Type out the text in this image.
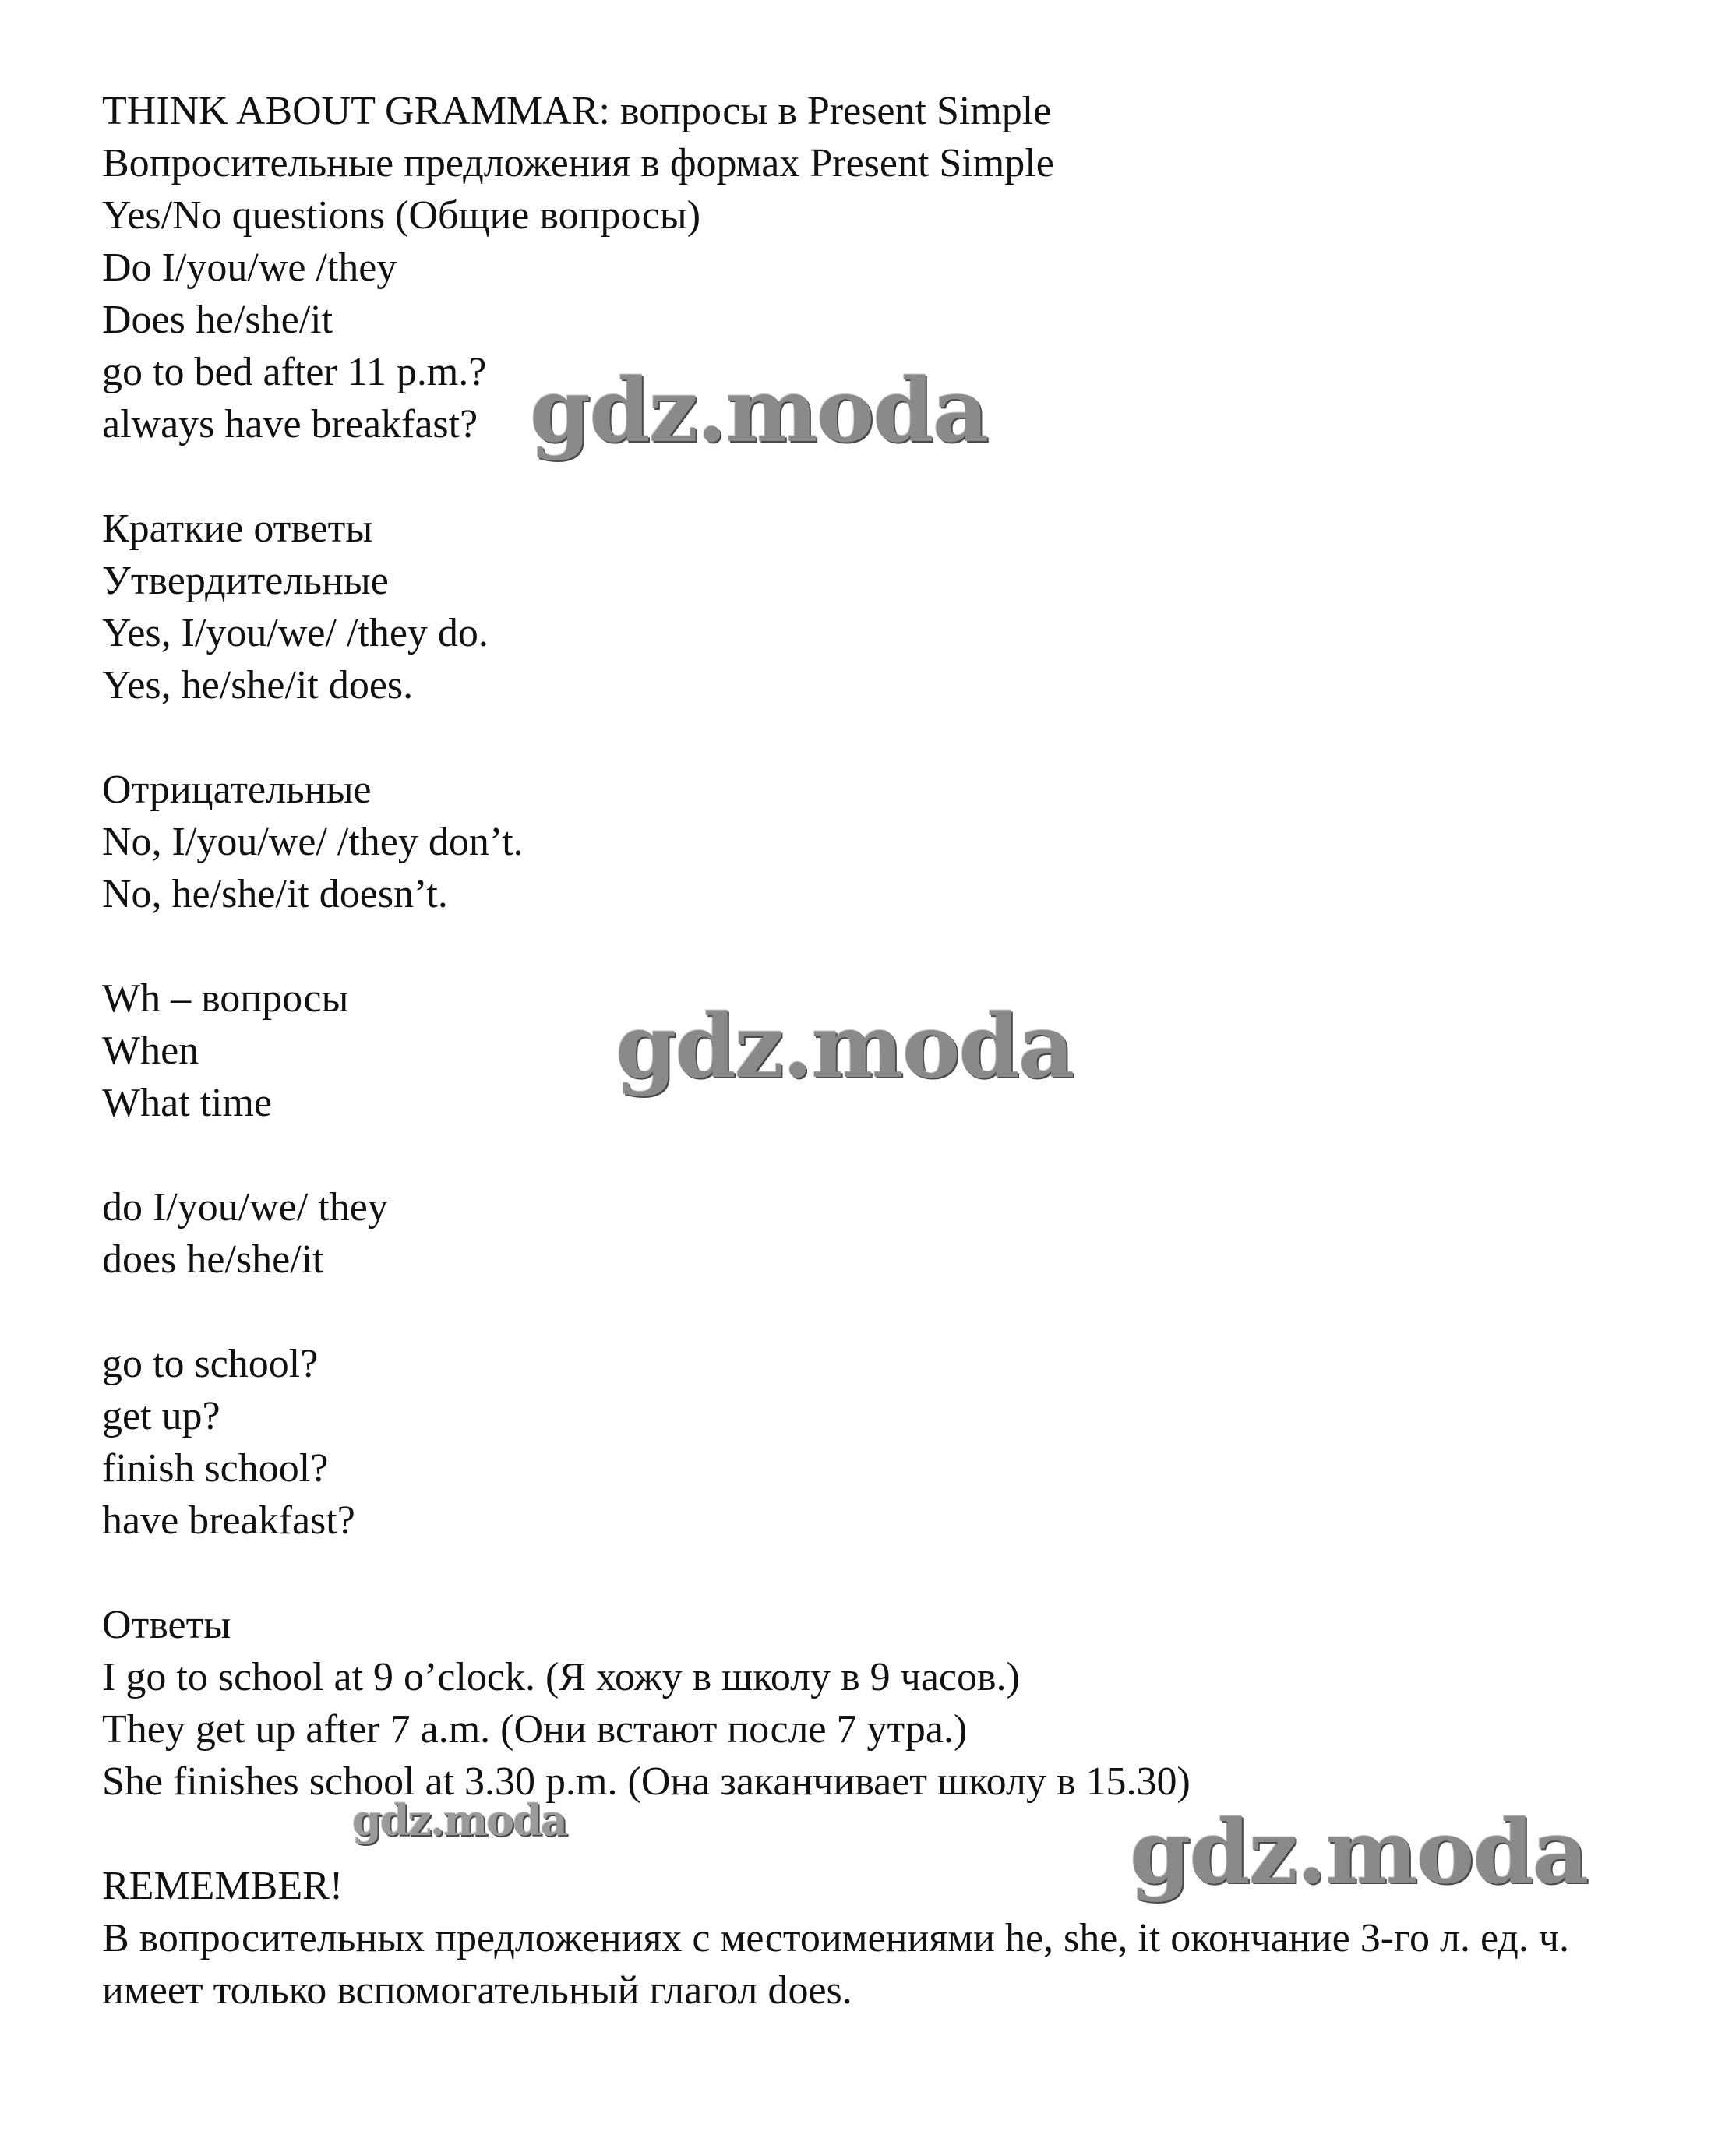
THINK ABOUT GRAMMAR: вопросы в Present Simple
Вопросительные предложения в формах Present Simple
Yes/No questions (Общие вопросы)
Do I/you/we /they
Does he/she/it
go to bed after 11 p.m.?
always have breakfast?
Краткие ответы
Утвердительные
Yes, I/you/we/ /they do.
Yes, he/she/it does.
Отрицательные
No, I/you/we/ /they don’t.
No, he/she/it doesn’t.
Wh – вопросы
When
What time
do I/you/we/ they
does he/she/it
go to school?
get up?
finish school?
have breakfast?
Ответы
I go to school at 9 o’clock. (Я хожу в школу в 9 часов.)
They get up after 7 a.m. (Они встают после 7 утра.)
She finishes school at 3.30 p.m. (Она заканчивает школу в 15.30)
REMEMBER!
В вопросительных предложениях с местоимениями he, she, it окончание 3-го л. ед. ч. имеет только вспомогательный глагол does.
gdz.moda
gdz.moda
gdz.moda	gdz.moda
